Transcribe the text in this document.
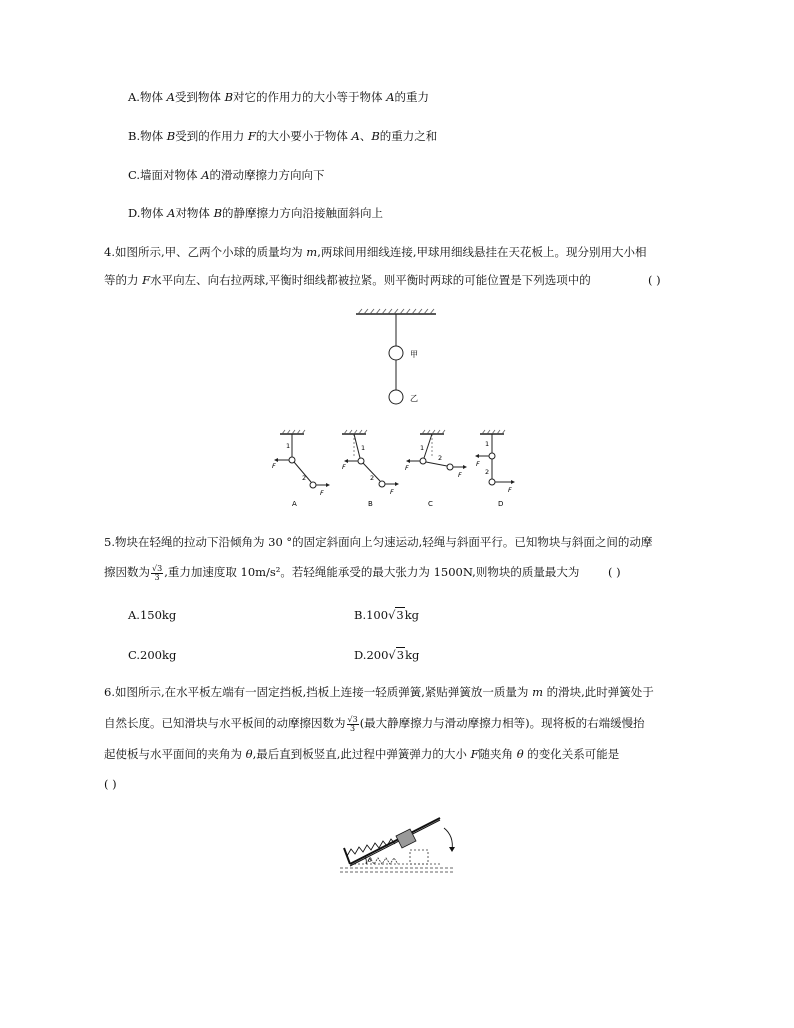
A.物体 A受到物体 B对它的作用力的大小等于物体 A的重力
B.物体 B受到的作用力 F的大小要小于物体 A、B的重力之和
C.墙面对物体 A的滑动摩擦力方向向下
D.物体 A对物体 B的静摩擦力方向沿接触面斜向上
4.如图所示,甲、乙两个小球的质量均为 m,两球间用细线连接,甲球用细线悬挂在天花板上。现分别用大小相
等的力 F水平向左、向右拉两球,平衡时细线都被拉紧。则平衡时两球的可能位置是下列选项中的	( )
甲
乙
1
2
F
F
A
1
2
F
F
B
1
2
F
F
C
1
2
F
F
D
5.物块在轻绳的拉动下沿倾角为 30 °的固定斜面向上匀速运动,轻绳与斜面平行。已知物块与斜面之间的动摩
擦因数为 $\frac{√3}{3}$ ,重力加速度取 10m/s²。若轻绳能承受的最大张力为 1500N,则物块的质量最大为 ( )
A.150kg	B.100√3kg
C.200kg	D.200√3kg
6.如图所示,在水平板左端有一固定挡板,挡板上连接一轻质弹簧,紧贴弹簧放一质量为 m 的滑块,此时弹簧处于
自然长度。已知滑块与水平板间的动摩擦因数为 $\frac{√3}{3}$ (最大静摩擦力与滑动摩擦力相等)。现将板的右端缓慢抬
起使板与水平面间的夹角为 θ,最后直到板竖直,此过程中弹簧弹力的大小 F随夹角 θ 的变化关系可能是
( )
θ
